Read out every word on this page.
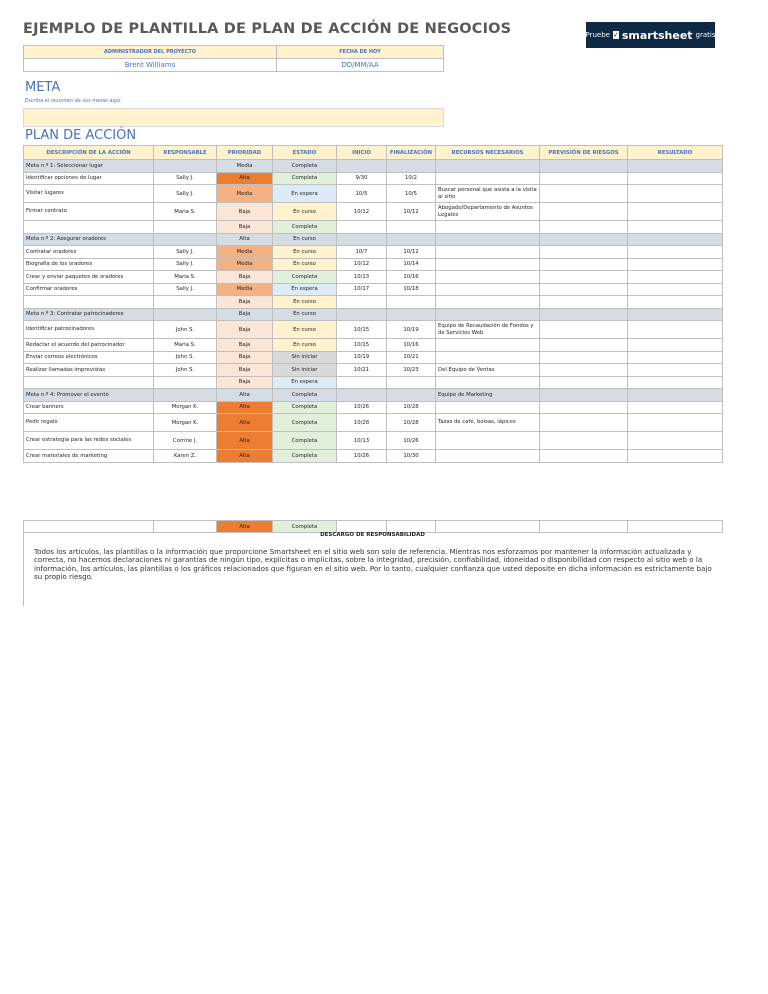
EJEMPLO DE PLANTILLA DE PLAN DE ACCIÓN DE NEGOCIOS	Pruebe ✓ smartsheet gratis
ADMINISTRADOR DEL PROYECTO	FECHA DE HOY
Brent Williams	DD/MM/AA
META
Escriba el resumen de sus metas aquí.
PLAN DE ACCIÓN
DESCRIPCIÓN DE LA ACCIÓN	RESPONSABLE	PRIORIDAD	ESTADO	INICIO	FINALIZACIÓN	RECURSOS NECESARIOS	PREVISIÓN DE RIESGOS	RESULTADO
Meta n.º 1: Seleccionar lugar		Media	Completa					
Identificar opciones de lugar	Sally J.	Alta	Completa	9/30	10/2			
Visitar lugares	Sally J.	Media	En espera	10/5	10/5	Buscar personal que asista a la visita al sitio		
Firmar contrato	Maria S.	Baja	En curso	10/12	10/12	Abogado/Departamento de Asuntos Legales		
		Baja	Completa					
Meta n.º 2: Asegurar oradores		Alta	En curso					
Contratar oradores	Sally J.	Media	En curso	10/7	10/12			
Biografía de los oradores	Sally J.	Media	En curso	10/12	10/14			
Crear y enviar paquetes de oradores	Maria S.	Baja	Completa	10/13	10/16			
Confirmar oradores	Sally J.	Media	En espera	10/17	10/18			
		Baja	En curso					
Meta n.º 3: Contratar patrocinadores		Baja	En curso					
Identificar patrocinadores	John S.	Baja	En curso	10/15	10/19	Equipo de Recaudación de Fondos y de Servicios Web		
Redactar el acuerdo del patrocinador	Maria S.	Baja	En curso	10/15	10/16			
Enviar correos electrónicos	John S.	Baja	Sin iniciar	10/19	10/21			
Realizar llamadas imprevistas	John S.	Baja	Sin iniciar	10/21	10/23	Del Equipo de Ventas		
		Baja	En espera					
Meta n.º 4: Promover el evento		Alta	Completa			Equipo de Marketing		
Crear banners	Morgan K.	Alta	Completa	10/26	10/28			
Pedir regalo	Morgan K.	Alta	Completa	10/28	10/28	Tazas de café, bolsas, lápices		
Crear estrategia para las redes sociales	Corrine J.	Alta	Completa	10/13	10/26			
Crear materiales de marketing	Karen Z.	Alta	Completa	10/26	10/30			
		Alta	Completa					
DESCARGO DE RESPONSABILIDAD
Todos los artículos, las plantillas o la información que proporcione Smartsheet en el sitio web son solo de referencia. Mientras nos esforzamos por mantener la información actualizada y correcta, no hacemos declaraciones ni garantías de ningún tipo, explícitas o implícitas, sobre la integridad, precisión, confiabilidad, idoneidad o disponibilidad con respecto al sitio web o la información, los artículos, las plantillas o los gráficos relacionados que figuran en el sitio web. Por lo tanto, cualquier confianza que usted deposite en dicha información es estrictamente bajo su propio riesgo.
